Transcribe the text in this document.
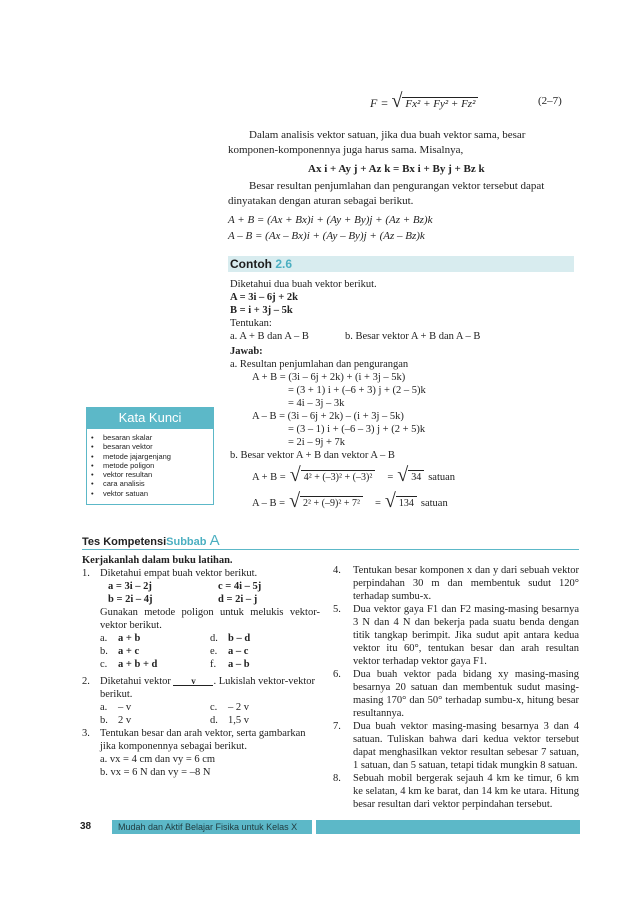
F = √ Fx² + Fy² + Fz²	(2–7)
Dalam analisis vektor satuan, jika dua buah vektor sama, besar
komponen-komponennya juga harus sama. Misalnya,
Ax i + Ay j + Az k = Bx i + By j + Bz k
Besar resultan penjumlahan dan pengurangan vektor tersebut dapat
dinyatakan dengan aturan sebagai berikut.
A + B = (Ax + Bx)i + (Ay + By)j + (Az + Bz)k
A – B = (Ax – Bx)i + (Ay – By)j + (Az – Bz)k
Contoh 2.6
Diketahui dua buah vektor berikut.
A = 3i – 6j + 2k
B = i + 3j – 5k
Tentukan:
a. A + B dan A – B	b. Besar vektor A + B dan A – B
Jawab:
a. Resultan penjumlahan dan pengurangan
A + B = (3i – 6j + 2k) + (i + 3j – 5k)
= (3 + 1) i + (–6 + 3) j + (2 – 5)k
= 4i – 3j – 3k
A – B = (3i – 6j + 2k) – (i + 3j – 5k)
= (3 – 1) i + (–6 – 3) j + (2 + 5)k
= 2i – 9j + 7k
b. Besar vektor A + B dan vektor A – B
A + B = √ 4² + (–3)² + (–3)² = √ 34 satuan
A – B = √ 2² + (–9)² + 7² = √ 134 satuan
Kata Kunci
• besaran skalar
• besaran vektor
• metode jajargenjang
• metode poligon
• vektor resultan
• cara analisis
• vektor satuan
Tes KompetensiSubbab A
Kerjakanlah dalam buku latihan.
1. Diketahui empat buah vektor berikut.
a = 3i – 2j	c = 4i – 5j
b = 2i – 4j	d = 2i – j
Gunakan metode poligon untuk melukis vektor-vektor berikut.
a.	a + b	d. b – d
b. a + c	e.	a – c
c.	a + b + d	f.	a – b
2. Diketahui vektor v . Lukislah vektor-vektor berikut.
a.	– v	c.	– 2 v
b. 2 v	d. 1,5 v
3. Tentukan besar dan arah vektor, serta gambarkan jika komponennya sebagai berikut.
a. vx = 4 cm dan vy = 6 cm
b. vx = 6 N dan vy = –8 N
4.	Tentukan besar komponen x dan y dari sebuah vektor perpindahan 30 m dan membentuk sudut 120° terhadap sumbu-x.
5.	Dua vektor gaya F1 dan F2 masing-masing besarnya 3 N dan 4 N dan bekerja pada suatu benda dengan titik tangkap berimpit. Jika sudut apit antara kedua vektor itu 60°, tentukan besar dan arah resultan vektor terhadap vektor gaya F1.
6.	Dua buah vektor pada bidang xy masing-masing besarnya 20 satuan dan membentuk sudut masing-masing 170° dan 50° terhadap sumbu-x, hitung besar resultannya.
7.	Dua buah vektor masing-masing besarnya 3 dan 4 satuan. Tuliskan bahwa dari kedua vektor tersebut dapat menghasilkan vektor resultan sebesar 7 satuan, 1 satuan, dan 5 satuan, tetapi tidak mungkin 8 satuan.
8.	Sebuah mobil bergerak sejauh 4 km ke timur, 6 km ke selatan, 4 km ke barat, dan 14 km ke utara. Hitung besar resultan dari vektor perpindahan tersebut.
38	Mudah dan Aktif Belajar Fisika untuk Kelas X
